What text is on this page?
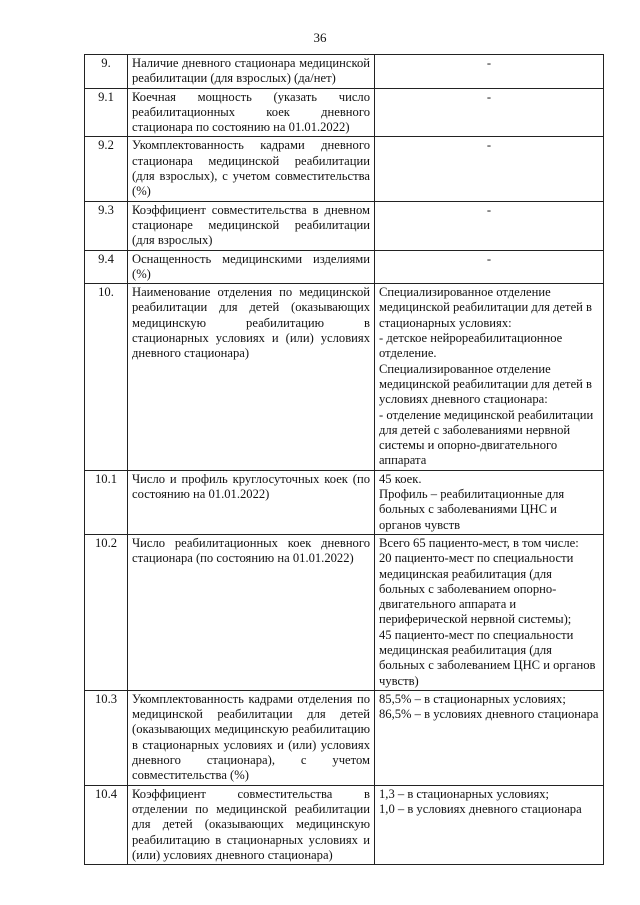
36
9.	Наличие дневного стационара медицинской реабилитации (для взрослых) (да/нет)	-

9.1	Коечная мощность (указать число реабилитационных коек дневного стационара по состоянию на 01.01.2022)	-

9.2	Укомплектованность кадрами дневного стационара медицинской реабилитации (для взрослых), с учетом совместительства (%)	-

9.3	Коэффициент совместительства в дневном стационаре медицинской реабилитации (для взрослых)	-

9.4	Оснащенность медицинскими изделиями (%)	-

10.	Наименование отделения по медицинской реабилитации для детей (оказывающих медицинскую реабилитацию в стационарных условиях и (или) условиях дневного стационара)	Специализированное отделение медицинской реабилитации для детей в стационарных условиях:
- детское нейрореабилитационное отделение.
Специализированное отделение медицинской реабилитации для детей в условиях дневного стационара:
- отделение медицинской реабилитации для детей с заболеваниями нервной системы и опорно-двигательного аппарата

10.1	Число и профиль круглосуточных коек (по состоянию на 01.01.2022)	45 коек.
Профиль – реабилитационные для больных с заболеваниями ЦНС и органов чувств

10.2	Число реабилитационных коек дневного стационара (по состоянию на 01.01.2022)	Всего 65 пациенто-мест, в том числе:
20 пациенто-мест по специальности медицинская реабилитация (для больных с заболеванием опорно-двигательного аппарата и периферической нервной системы);
45 пациенто-мест по специальности медицинская реабилитация (для больных с заболеванием ЦНС и органов чувств)

10.3	Укомплектованность кадрами отделения по медицинской реабилитации для детей (оказывающих медицинскую реабилитацию в стационарных условиях и (или) условиях дневного стационара), с учетом совместительства (%)	85,5% – в стационарных условиях;
86,5% – в условиях дневного стационара

10.4	Коэффициент совместительства в отделении по медицинской реабилитации для детей (оказывающих медицинскую реабилитацию в стационарных условиях и (или) условиях дневного стационара)	1,3 – в стационарных условиях;
1,0 – в условиях дневного стационара
